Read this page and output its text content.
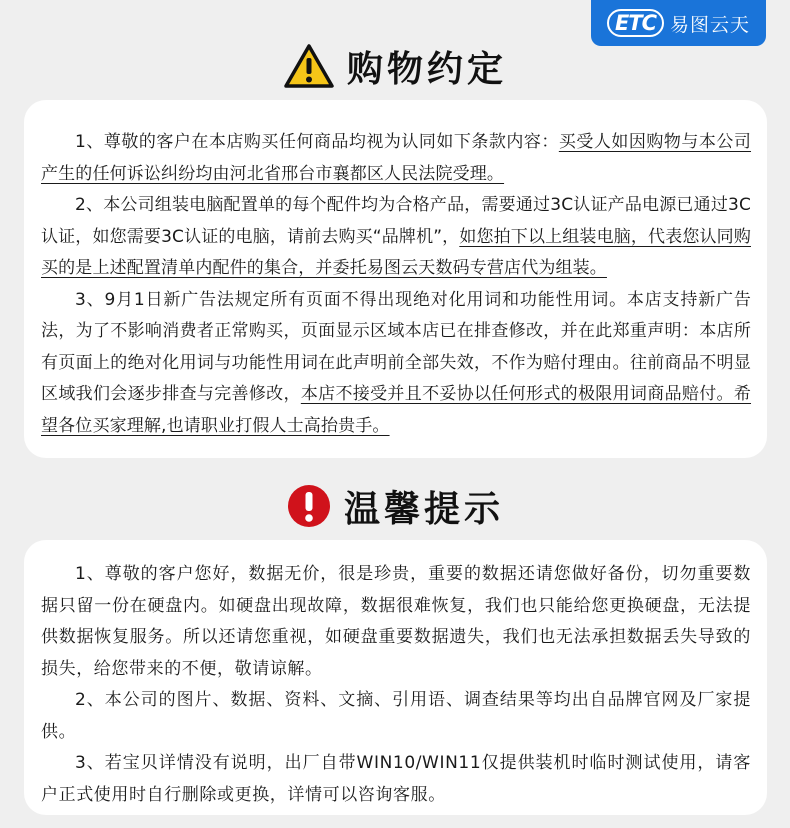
ETC 易图云天
购物约定

1、尊敬的客户在本店购买任何商品均视为认同如下条款内容：买受人如因购物与本公司产生的任何诉讼纠纷均由河北省邢台市襄都区人民法院受理。

2、本公司组装电脑配置单的每个配件均为合格产品，需要通过3C认证产品电源已通过3C认证，如您需要3C认证的电脑，请前去购买“品牌机”，如您拍下以上组装电脑，代表您认同购买的是上述配置清单内配件的集合，并委托易图云天数码专营店代为组装。

3、9月1日新广告法规定所有页面不得出现绝对化用词和功能性用词。本店支持新广告法，为了不影响消费者正常购买，页面显示区域本店已在排查修改，并在此郑重声明：本店所有页面上的绝对化用词与功能性用词在此声明前全部失效，不作为赔付理由。往前商品不明显区域我们会逐步排查与完善修改，本店不接受并且不妥协以任何形式的极限用词商品赔付。希望各位买家理解,也请职业打假人士高抬贵手。

温馨提示

1、尊敬的客户您好，数据无价，很是珍贵，重要的数据还请您做好备份，切勿重要数据只留一份在硬盘内。如硬盘出现故障，数据很难恢复，我们也只能给您更换硬盘，无法提供数据恢复服务。所以还请您重视，如硬盘重要数据遗失，我们也无法承担数据丢失导致的损失，给您带来的不便，敬请谅解。

2、本公司的图片、数据、资料、文摘、引用语、调查结果等均出自品牌官网及厂家提供。

3、若宝贝详情没有说明，出厂自带WIN10/WIN11仅提供装机时临时测试使用，请客户正式使用时自行删除或更换，详情可以咨询客服。
